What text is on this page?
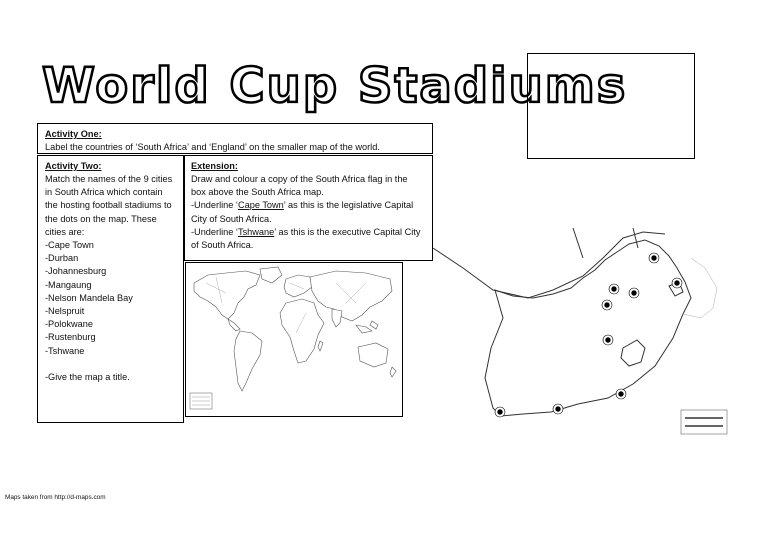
World Cup Stadiums
Activity One:
Label the countries of ‘South Africa’ and ‘England’ on the smaller map of the world.
Activity Two:

Match the names of the 9 cities

in South Africa which contain

the hosting football stadiums to

the dots on the map. These

cities are:

-Cape Town

-Durban

-Johannesburg

-Mangaung

-Nelson Mandela Bay

-Nelspruit

-Polokwane

-Rustenburg

-Tshwane

-Give the map a title.

Extension:

Draw and colour a copy of the South Africa flag in the

box above the South Africa map.

-Underline ‘Cape Town’ as this is the legislative Capital

City of South Africa.

-Underline ‘Tshwane’ as this is the executive Capital City

of South Africa.

Maps taken from http://d-maps.com
